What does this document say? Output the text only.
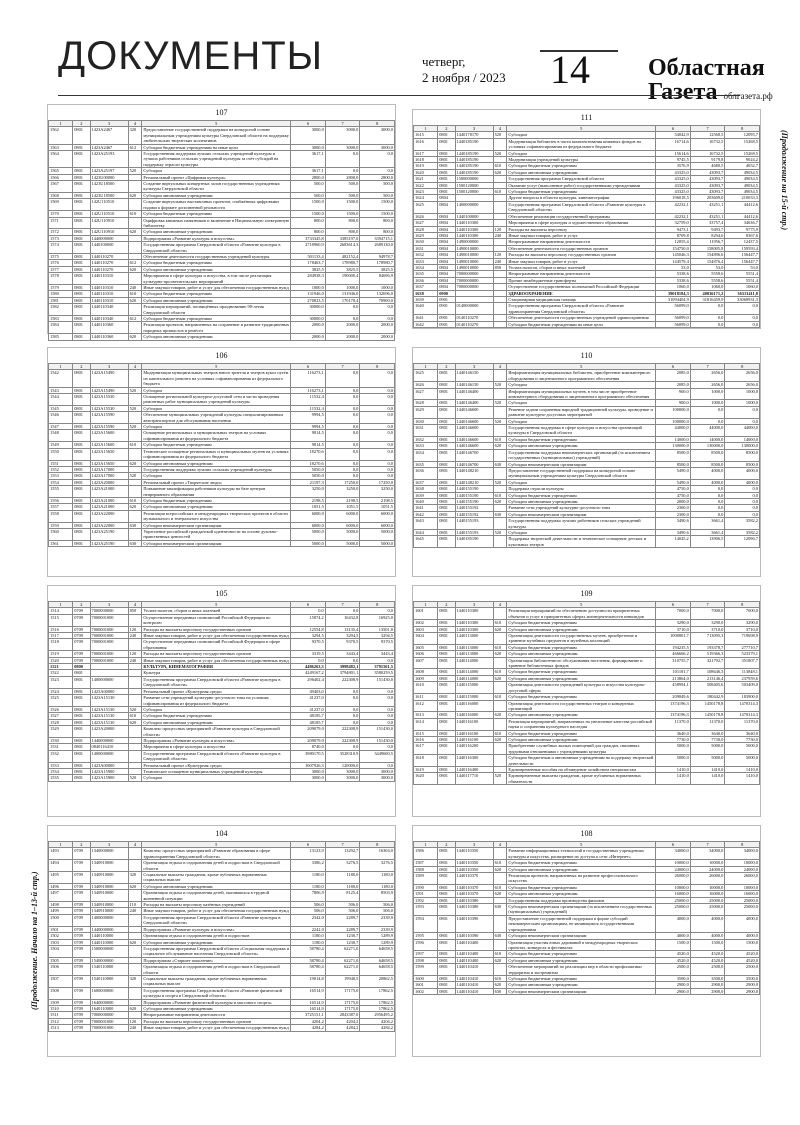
ДОКУМЕНТЫ	четверг,
2 ноября / 2023 14 Областная
Газета облгазета.рф
(Продолжение на 15-й стр.)
(Продолжение. Начало на 1–13-й стр.)
107
1	2	3	4	5	6	7	8
1562	0801	1423A2467	320	Предоставление государственной поддержки на конкурсной основе муниципальным учреждениям культуры Свердловской области на поддержку любительских творческих коллективов	3000,0	3000,0	3000,0
1563	0801	1423A2467	612	Субсидии бюджетным учреждениям на иные цели	3000,0	3000,0	3000,0
1564	0801	1423A25193		Государственная поддержка лучших сельских учреждений культуры и лучших работников сельских учреждений культуры за счёт субсидий на поддержку отрасли культуры	3617,1	0,0	0,0
1565	0801	1423A25197	520	Субсидии	3617,1	0,0	0,0
1566	0801	1423U00000		Региональный проект «Цифровая культура»	2800,0	2800,0	2800,0
1567	0801	1423U18500		Создание виртуальных концертных залов государственных учреждениях культуры Свердловской области	500,0	500,0	500,0
1568	0801	1423U18500	620	Субсидии автономным учреждениям	500,0	500,0	500,0
1569	0801	142U110510		Создание виртуальных выставочных проектов, снабжённых цифровыми гидами к формате дополненной реальности	1500,0	1500,0	1500,0
1570	0801	142U110510	610	Субсидии бюджетным учреждениям	1500,0	1500,0	1500,0
1571	0801	142U110910		Оцифровка книжных памятников и включение в Национальную электронную библиотеку	800,0	800,0	800,0
1572	0801	142U110910	620	Субсидии автономным учреждениям	800,0	800,0	800,0
1573	0801	1440000000		Подпрограмма «Развитие культуры и искусства»	3733345,8	3385197,0	3394715,1
1574	0801	1440100000		Государственная программа Свердловской области «Развитие культуры в Свердловской области»	2718960,9	2683614,3	2689130,0
1575	0801	1440110270		Обеспечение деятельности государственных учреждений культуры	501133,4	482152,4	94978,7
1576	0801	1440110270	612	Субсидии бюджетным учреждениям	178463,7	178980,7	178980,7
1577	0801	1440110270	620	Субсидии автономным учреждениям	3825,5	3825,5	3825,5
1578	0801	1440110310		Мероприятия в сфере культуры и искусства, в том числе реализация культурно-просветительских мероприятий	284938,3	190000,4	84696,9
1579	0801	1440110310	240	Иные закупки товаров, работ и услуг для обеспечения государственных нужд	1000,0	1000,0	1000,0
1580	0801	1440110310	610	Субсидии бюджетным учреждениям	131946,0	131946,0	132696,0
1581	0801	1440110310	620	Субсидии автономным учреждениям	270823,5	170178,4	70900,0
1582	0801	1440110340		Реализация мероприятий, посвящённых празднованию 90-летия Свердловской области	30000,0	0,0	0,0
1583	0801	1440110340	612	Субсидии бюджетным учреждениям	30000,0	0,0	0,0
1584	0801	1440110360		Реализация проектов, направленных на сохранение и развитие традиционных народных промыслов и ремёсел	2000,0	2000,0	2000,0
1585	0801	1440110360	620	Субсидии автономным учреждениям	2000,0	2000,0	2000,0
111
1	2	3	4	5	6	7	8
1615	0801	1440170170	520	Субсидии	54042,9	12568,5	12095,7
1616	0801	1440185190		Модернизация библиотек в части комплектования книжных фондов на условиях софинансирования из федерального бюджета	16714,6	16732,5	15268,5
1617	0801	1440185190	520	Субсидии	15614,6	16732,5	15268,5
1618	0801	1440185190		Модернизация учреждений культуры	9745,5	9179,8	9024,2
1619	0801	1440185190	610	Субсидии бюджетным учреждениям	3576,9	4680,5	4652,7
1620	0801	1440185190	620	Субсидии автономным учреждениям	43325,0	43093,7	49034,5
1621	0801	1500000000		Государственная программа Свердловской области	43325,0	43093,7	49034,5
1622	0801	1500120000		Оказание услуг (выполнение работ) государственными учреждениями	43325,0	43093,7	49034,5
1623	0801	1500120000	610	Субсидии бюджетным учреждениям	43325,0	43093,7	49034,5
1624	0804			Другие вопросы в области культуры, кинематографии	196018,5	203609,0	210033,3
1625	0804	1400000000		Государственная программа Свердловской области «Развитие культуры в Свердловской области»	42232,1	43251,1	44412,6
1626	0804	1440100000		Обеспечение реализации государственной программы	42232,1	43251,1	44412,6
1627	0804	1440110300		Мероприятия в сфере культуры и художественного образования	32759,0	33757,4	34636,7
1628	0804	1440110300	120	Расходы на выплаты персоналу	9473,1	9493,7	9775,9
1629	0804	1440110300	240	Иные закупки товаров, работ и услуг	8709,8	8294,6	8367,6
1630	0804	1490000000		Непрограммные направления деятельности	12055,4	11956,7	12437,5
1631	0804	1490010000		Обеспечение деятельности государственных органов	154750,0	158005,8	159593,4
1632	0804	1490010000	120	Расходы на выплаты персоналу государственных органов	145046,3	154896,6	156447,7
1633	0804	1490010000	240	Иные закупки товаров, работ и услуг	144579,4	154876,4	156447,7
1634	0804	1490010000	850	Уплата налогов, сборов и иных платежей	53,0	53,0	53,0
1635	0804	7000000000		Непрограммные направления деятельности	5338,6	5558,6	5551,4
1636	0804	7000000000		Прочие межбюджетные трансферты	5338,6	5558,6	5551,4
1637	0804	7000000000		Осуществление государственных полномочий Российской Федерации	1060,0	1060,0	1060,0
1638	0900			ЗДРАВООХРАНЕНИЕ	39018184,3	40036171,2	36313411,8
1639	0901			Стационарная медицинская помощь	31094404,9	31816459,9	33068931,3
1640	0901	0140000000		Государственная программа Свердловской области «Развитие здравоохранения Свердловской области»	56099,0	0,0	0,0
1641	0901	0140110270		Обеспечение деятельности государственных учреждений здравоохранения	56099,0	0,0	0,0
1642	0901	0140110270		Субсидии бюджетным учреждениям на иные цели	56099,0	0,0	0,0
106
1	2	3	4	5	6	7	8
1542	0801	1423A15490		Модернизация муниципальных театров юного зрителя и театров кукол путём их капитального ремонта на условиях софинансирования из федерального бюджета	116273,1	0,0	0,0
1543	0801	1423A15490	520	Субсидии	116273,1	0,0	0,0
1544	0801	1423A15530		Оснащение региональной культурно-досуговой сети и части проведения ремонтных работ муниципальных учреждений культуры	11532,4	0,0	0,0
1545	0801	1423A15530	520	Субсидии	11532,4	0,0	0,0
1546	0801	1423A15590		Обеспечение муниципальных учреждений культуры специализированным автотранспортом для обслуживания населения	9994,5	0,0	0,0
1547	0801	1423A15590	520	Субсидии	9994,5	0,0	0,0
1548	0801	1423A15600		Оснащение региональных и муниципальных театров на условиях софинансирования из федерального бюджета	9814,5	0,0	0,0
1549	0801	1423A15600	610	Субсидии бюджетным учреждениям	9814,5	0,0	0,0
1550	0801	1423A15650		Техническое оснащение региональных и муниципальных музеев на условиях софинансирования из федерального бюджета	18270,6	0,0	0,0
1551	0801	1423A15650	620	Субсидии автономным учреждениям	18270,6	0,0	0,0
1552	0801	1423A17000		Государственная поддержка лучших сельских учреждений культуры	5050,0	0,0	0,0
1553	0801	1423A17000	520	Субсидии	5050,0	0,0	0,0
1554	0801	1423A20000		Региональный проект «Творческие люди»	21197,3	17250,0	17250,0
1555	0801	1423A21000		Повышение квалификации работников культуры на базе центров непрерывного образования	3250,0	3250,0	3250,0
1556	0801	1423A21000	610	Субсидии бюджетным учреждениям	2198,5	2198,5	2198,5
1557	0801	1423A21000	620	Субсидии автономным учреждениям	1051,5	1051,5	1051,5
1558	0801	1423A22000		Реализация всероссийских и международных творческих проектов в области музыкального и театрального искусства	6000,0	6000,0	6000,0
1559	0801	1423A22000	630	Субсидии некоммерческим организациям	6000,0	6000,0	6000,0
1560	0801	1423A25190		Укрепление российской гражданской идентичности на основе духовно-нравственных ценностей	5000,0	5000,0	5000,0
1561	0801	1423A25190	630	Субсидии некоммерческим организациям	5000,0	5000,0	5000,0
110
1	2	3	4	5	6	7	8
1625	0801	1440146150		Информатизация муниципальных библиотек, приобретение компьютерного оборудования и лицензионного программного обеспечения	2085,0	2656,0	2656,0
1626	0801	1440146150	520	Субсидии	2085,0	2656,0	2656,0
1627	0801	1440146400		Информатизация муниципальных музеев, в том числе приобретение компьютерного оборудования и лицензионного программного обеспечения	900,0	1000,0	1000,0
1628	0801	1440146400	520	Субсидии	900,0	1000,0	1000,0
1629	0801	1440146600		Решение задачи сохранения народной традиционной культуры, проведение и развитие культурно-досуговых мероприятий	100000,0	0,0	0,0
1630	0801	1440146600	520	Субсидии	100000,0	0,0	0,0
1631	0801	1440146600		Государственная поддержка в сфере культуры и искусства организаций культуры в Свердловской области	44000,0	44000,0	44000,0
1632	0801	1440146600	610	Субсидии бюджетным учреждениям	14000,0	14000,0	14000,0
1633	0801	1440146600	620	Субсидии автономным учреждениям	130000,0	130000,0	130000,0
1634	0801	1440146700		Государственная поддержка некоммерческих организаций (за исключением государственных (муниципальных) учреждений)	8500,0	8500,0	8500,0
1635	0801	1440146700	630	Субсидии некоммерческим организациям	8500,0	8500,0	8500,0
1636	0801	1440148210		Предоставление государственной поддержки на конкурсной основе муниципальным учреждениям культуры Свердловской области	5490,0	4000,0	4000,0
1637	0801	1440148210	520	Субсидии	5490,0	4000,0	4000,0
1638	0801	1440155190		Поддержка отрасли культуры	4750,0	0,0	0,0
1639	0801	1440155190	610	Субсидии бюджетным учреждениям	4750,0	0,0	0,0
1640	0801	1440155190	620	Субсидии автономным учреждениям	2000,0	0,0	0,0
1641	0801	1440155192		Развитие сети учреждений культурно-досугового типа	2300,0	0,0	0,0
1642	0801	1440155192	630	Субсидии некоммерческим организациям	2300,0	0,0	0,0
1643	0801	1440155193		Государственная поддержка лучших работников сельских учреждений культуры	3490,6	3661,4	3582,2
1644	0801	1440155193	520	Субсидии	3490,6	3661,4	3582,2
1645	0801	1440185190		Поддержка творческой деятельности и техническое оснащение детских и кукольных театров	14045,2	13906,5	12096,7
105
1	2	3	4	5	6	7	8
1514	0709	7000000000	850	Уплата налогов, сборов и иных платежей	0,0	0,0	0,0
1515	0709	7000001000		Осуществление переданных полномочий Российской Федерации по контролю	15874,2	16432,8	16925,0
1516	0709	7000001000	120	Расходы на выплаты персоналу государственных органов	12554,8	13135,4	13501,8
1517	0709	7000001000	240	Иные закупки товаров, работ и услуг для обеспечения государственных нужд	3294,5	3294,5	3294,5
1518	0709	7000001000		Осуществление переданных полномочий Российской Федерации в сфере образования	9370,5	9370,5	9370,5
1519	0709	7000001000	120	Расходы на выплаты персоналу государственных органов	3319,5	3443,4	3443,4
1520	0709	7000001000	240	Иные закупки товаров, работ и услуг для обеспечения государственных нужд	0,0	0,0	0,0
1521	0800			КУЛЬТУРА, КИНЕМАТОГРАФИЯ	4486263,3	3998482,1	3791561,5
1522	0801			Культура	4249167,2	3794801,1	3580259,5
1523	0801	1400000000		Государственная программа Свердловской области «Развитие культуры в Свердловской области»	296402,4	222308,9	151430,0
1524	0801	1423A00000		Региональный проект «Культурная среда»	49403,0	0,0	0,0
1525	0801	1423A15130		Развитие сети учреждений культурно-досугового типа на условиях софинансирования из федерального бюджета	41237,0	0,0	0,0
1526	0801	1423A15130	520	Субсидии	41237,0	0,0	0,0
1527	0801	1423A15130	610	Субсидии бюджетным учреждениям	48185,7	0,0	0,0
1528	0801	1423A15130	620	Субсидии автономным учреждениям	48185,7	0,0	0,0
1529	0801	1423A20000		Комплекс процессных мероприятий «Развитие культуры в Свердловской области»	209079,0	222308,9	151430,0
1530	0801	1440000000		Подпрограмма «Развитие культуры и искусства»	209079,0	222308,9	151430,0
1531	0801	0840116410		Мероприятия в сфере культуры и искусства	8740,0	0,0	0,0
1532	0801	1400000000		Государственная программа Свердловской области «Развитие культуры в Свердловской области»	3980170,5	3528310,9	3449600,5
1533	0801	1423A00000		Региональный проект «Культурная среда»	1007926,3	120000,0	0,0
1534	0801	1423A15900		Техническое оснащение муниципальных учреждений культуры	3000,0	3000,0	3000,0
1535	0801	1423A15900	520	Субсидии	3000,0	3000,0	3000,0
109
1	2	3	4	5	6	7	8
1601	0801	1440110300		Реализация мероприятий по обеспечению доступности приоритетных объектов и услуг в приоритетных сферах жизнедеятельности инвалидов	7000,0	7000,0	7000,0
1602	0801	1440110300	610	Субсидии бюджетным учреждениям	3290,0	3290,0	3290,0
1603	0801	1440110300	620	Субсидии автономным учреждениям	3710,0	3710,0	3710,0
1604	0801	1440113000		Организация деятельности государственных музеев, приобретение и хранение музейных предметов и музейных коллекций	1008801,7	713095,3	719698,9
1605	0801	1440113000	610	Субсидии бюджетным учреждениям	194235,5	193378,7	277710,7
1606	0801	1440113000	620	Субсидии автономным учреждениям	466666,2	519366,3	523379,1
1607	0801	1440114000		Организация библиотечного обслуживания населения, формирование и хранение библиотечных фондов	310755,7	321792,7	351807,7
1608	0801	1440114000	610	Субсидии бюджетным учреждениям	101181,7	108646,3	113848,1
1609	0801	1440114000	620	Субсидии автономным учреждениям	213864,0	213146,4	237959,6
1610	0801	1440115000		Организация деятельности учреждений культуры и искусства культурно-досуговой сферы	458994,1	508405,6	503409,0
1611	0801	1440115000	610	Субсидии бюджетным учреждениям	209849,6	180442,9	183900,0
1612	0801	1440116000		Организация деятельности государственных театров и концертных организаций	1374196,3	1450178,8	1470314,3
1613	0801	1440116000	620	Субсидии автономным учреждениям	1374196,3	1450178,8	1470314,3
1614	0801	1440116100		Реализация мероприятий, направленных на увеличение качества российской науки и сохранения культурного наследия	11370,0	11370,0	11370,0
1615	0801	1440116100	610	Субсидии бюджетным учреждениям	3640,0	3640,0	3640,0
1616	0801	1440116100	620	Субсидии автономным учреждениям	7730,0	7730,0	7730,0
1617	0801	1440116200		Приобретение служебных жилых помещений для граждан, связанных трудовыми отношениями с учреждениями культуры	5000,0	5000,0	5000,0
1618	0801	1440116300		Субсидии бюджетным и автономным учреждениям на поддержку творческой деятельности	5000,0	5000,0	5000,0
1619	0801	1440116400		Единовременные пособия на обзаведение хозяйством специалистам	1410,0	1410,0	1410,0
1620	0801	1440117710	520	Единовременные выплаты гражданам, кроме публичных нормативных обязательств	1410,0	1410,0	1410,0
104
1	2	3	4	5	6	7	8
1493	0709	1340000000		Комплекс процессных мероприятий «Развитие образования в сфере здравоохранения Свердловской области»	13123,9	13292,7	16304,0
1494	0709	1340910000		Организация отдыха и оздоровления детей и подростков в Свердловской области	3386,2	3276,5	3276,5
1495	0709	1340910000	320	Социальные выплаты гражданам, кроме публичных нормативных социальных выплат	1180,0	1180,0	1180,0
1496	0709	1340910000	620	Субсидии автономным учреждениям	1180,0	1180,0	1180,0
1497	0709	1340910000		Организация отдыха и оздоровления детей, оказавшихся в трудной жизненной ситуации	7806,9	8125,4	8503,9
1498	0709	1340910000	110	Расходы на выплаты персоналу казённых учреждений	506,0	506,0	506,0
1499	0709	1340910000	240	Иные закупки товаров, работ и услуг для обеспечения государственных нужд	506,0	506,0	506,0
1500	0709	1400000000		Государственная программа Свердловской области «Развитие культуры в Свердловской области»	2342,0	2289,7	2339,9
1501	0709	1440000000		Подпрограмма «Развитие культуры и искусства»	2242,0	2289,7	2339,9
1502	0709	1440110000		Организация отдыха и оздоровления детей и подростков	1180,0	1230,7	1289,9
1503	0709	1440110000	620	Субсидии автономным учреждениям	1180,0	1230,7	1289,9
1504	0709	1500000000		Государственная программа Свердловской области «Социальная поддержка и социальное обслуживание населения Свердловской области»	58780,4	62271,0	64658,5
1505	0709	1540000000		Подпрограмма «Старшее поколение»	58780,4	62271,0	64658,5
1506	0709	1540110000		Организация отдыха и оздоровления детей и подростков в Свердловской области	58780,4	62271,0	64658,5
1507	0709	1540110000	320	Социальные выплаты гражданам, кроме публичных нормативных социальных выплат	19014,8	19940,5	20862,5
1508	0709	1600000000		Государственная программа Свердловской области «Развитие физической культуры и спорта в Свердловской области»	16514,9	17175,0	17862,5
1509	0709	1640000000		Подпрограмма «Развитие физической культуры и массового спорта»	16514,9	17175,0	17862,5
1510	0709	1640110000	620	Субсидии автономным учреждениям	16514,9	17175,0	17862,5
1511	0709	7000000000		Непрограммные направления деятельности	3725151,1	2843387,0	2956495,2
1512	0709	7000001000	120	Расходы на выплаты персоналу государственных органов	4204,2	4204,2	4204,2
1513	0709	7000001000	240	Иные закупки товаров, работ и услуг для обеспечения государственных нужд	4284,2	4284,2	4284,2
108
1	2	3	4	5	6	7	8
1586	0801	1440110350		Развитие информационных технологий в государственных учреждениях культуры и искусства, расширение их доступа к сети «Интернет»	34000,0	34000,0	34000,0
1587	0801	1440110350	610	Субсидии бюджетным учреждениям	10000,0	10000,0	10000,0
1588	0801	1440110350	620	Субсидии автономным учреждениям	24000,0	24000,0	24000,0
1589	0801	1440110370		Реализация проектов, направленных на развитие профессионального искусства	26000,0	26000,0	26000,0
1590	0801	1440110370	610	Субсидии бюджетным учреждениям	10000,0	10000,0	10000,0
1591	0801	1440110370	620	Субсидии автономным учреждениям	16000,0	16000,0	16000,0
1592	0801	1440110380		Государственная поддержка производства фильмов	25000,0	25000,0	25000,0
1593	0801	1440110380	630	Субсидии некоммерческим организациям (за исключением государственных (муниципальных) учреждений)	25000,0	25000,0	25000,0
1594	0801	1440110390		Предоставление государственной поддержки в форме субсидий некоммерческим организациям, не являющимся государственными учреждениями	4000,0	4000,0	4000,0
1595	0801	1440110390	630	Субсидии некоммерческим организациям	4000,0	4000,0	4000,0
1596	0801	1440110400		Организация участия юных дарований в международных творческих проектах, конкурсах и фестивалях	1500,0	1500,0	1500,0
1597	0801	1440110400	610	Субсидии бюджетным учреждениям	4520,0	4520,0	4520,0
1598	0801	1440110400	620	Субсидии автономным учреждениям	4520,0	4520,0	4520,0
1599	0801	1440110410		Обеспечение мероприятий по реализации мер в области профилактики терроризма и экстремизма	2500,0	2500,0	2500,0
1600	0801	1440110410	610	Субсидии бюджетным учреждениям	3500,0	3500,0	3500,0
1601	0801	1440110410	620	Субсидии автономным учреждениям	2900,0	2900,0	2900,0
1602	0801	1440110410	630	Субсидии некоммерческим организациям	2900,0	2900,0	2900,0
